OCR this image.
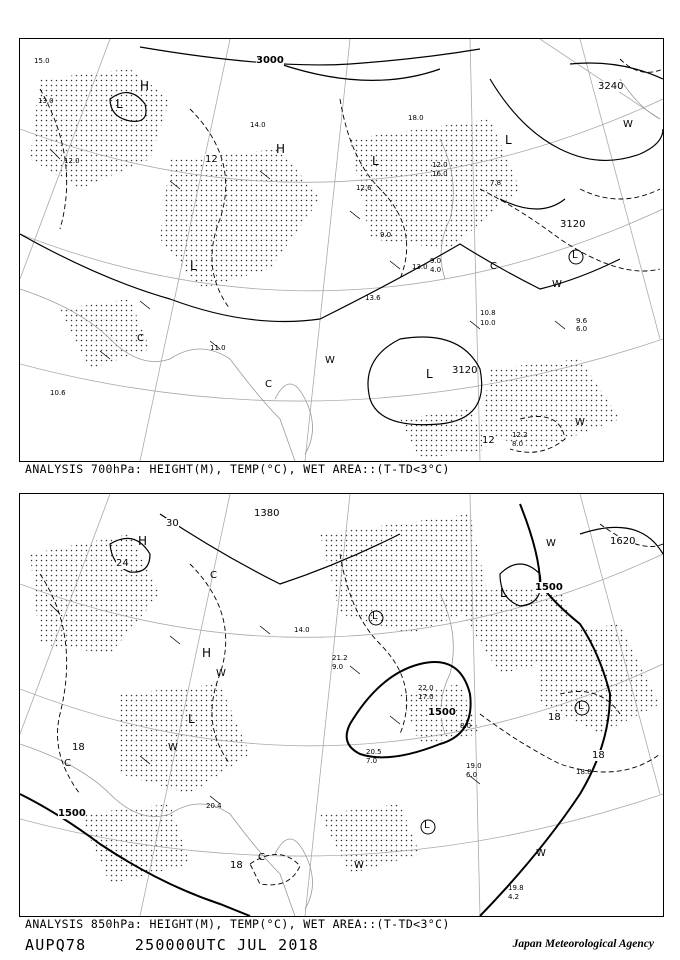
3000
3240
3120
3120
12
12
H
H
L
L
L
L
L
L
W
W
W
W
C
C
C
15.0
13.0
12.0
14.0
18.0
12.6
9.0
10.8
11.0
13.6
10.0	9.6
6.0
12.2
8.0
12.0
16.0
13.0
10.6
7.8
9.0
4.0
ANALYSIS 700hPa: HEIGHT(M), TEMP(°C), WET AREA::(T-TD<3°C)
1380
1500
1500
1500
1620
30
24
18
18
18
18
H
H
L
L
L
L
L
W
W
W
W
W
C
C
C
19.0
6.0
19.8
4.2
20.4
8.0
22.0
17.0
20.5
7.0
18.8
14.0
21.2
9.0
ANALYSIS 850hPa: HEIGHT(M), TEMP(°C), WET AREA::(T-TD<3°C)
AUPQ78	250000UTC JUL 2018	Japan Meteorological Agency
